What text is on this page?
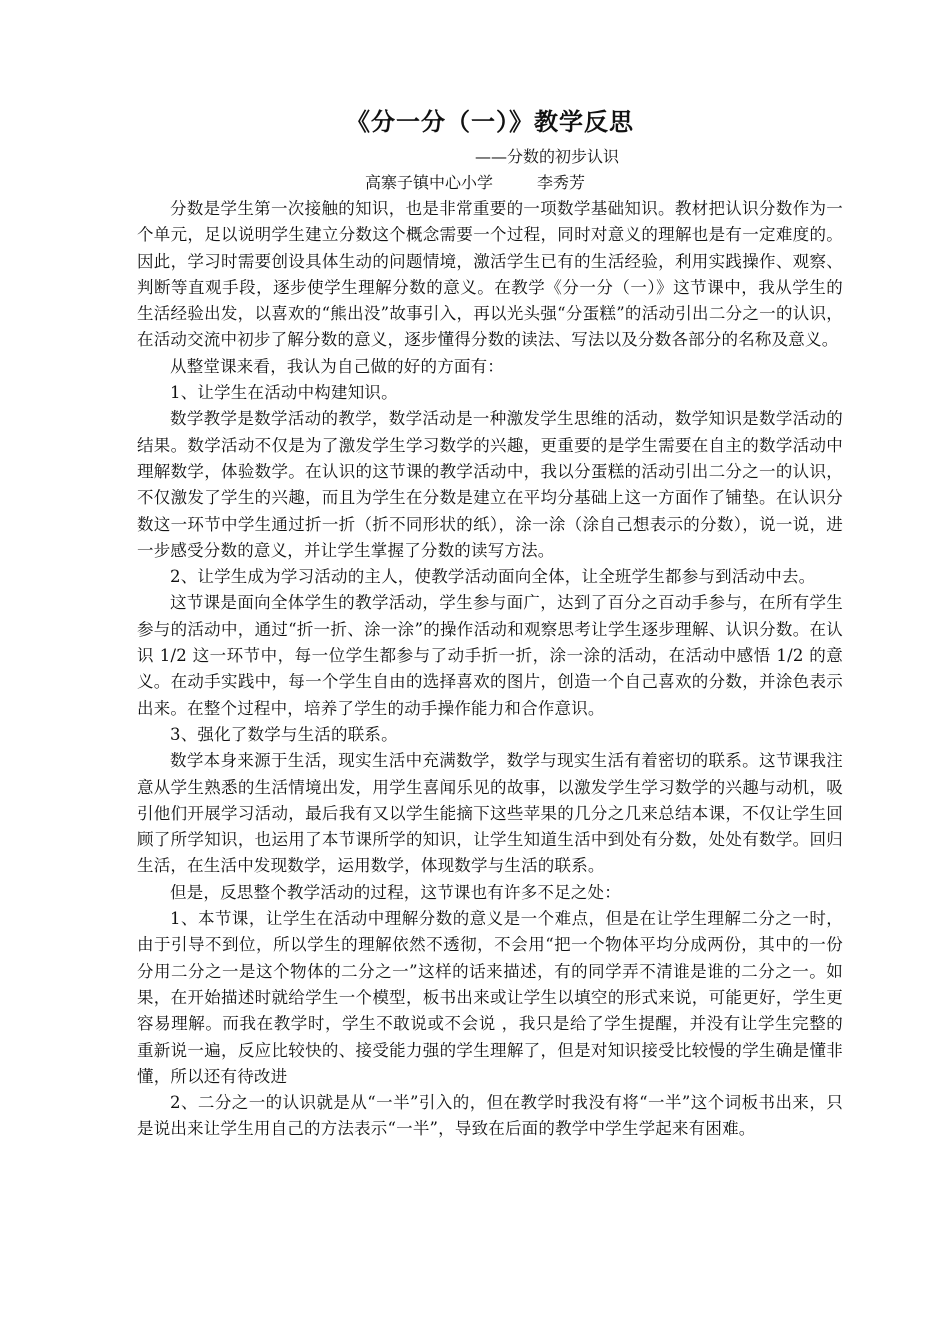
《分一分（一）》教学反思

——分数的初步认识

高寨子镇中心小学	李秀芳

分数是学生第一次接触的知识，也是非常重要的一项数学基础知识。教材把认识分数作为一个单元，足以说明学生建立分数这个概念需要一个过程，同时对意义的理解也是有一定难度的。因此，学习时需要创设具体生动的问题情境，激活学生已有的生活经验，利用实践操作、观察、判断等直观手段，逐步使学生理解分数的意义。在教学《分一分（一）》这节课中，我从学生的生活经验出发，以喜欢的“熊出没”故事引入，再以光头强“分蛋糕”的活动引出二分之一的认识，在活动交流中初步了解分数的意义，逐步懂得分数的读法、写法以及分数各部分的名称及意义。

从整堂课来看，我认为自己做的好的方面有：

1、让学生在活动中构建知识。

数学教学是数学活动的教学，数学活动是一种激发学生思维的活动，数学知识是数学活动的结果。数学活动不仅是为了激发学生学习数学的兴趣，更重要的是学生需要在自主的数学活动中理解数学，体验数学。在认识的这节课的教学活动中，我以分蛋糕的活动引出二分之一的认识，不仅激发了学生的兴趣，而且为学生在分数是建立在平均分基础上这一方面作了铺垫。在认识分数这一环节中学生通过折一折（折不同形状的纸），涂一涂（涂自己想表示的分数），说一说，进一步感受分数的意义，并让学生掌握了分数的读写方法。

2、让学生成为学习活动的主人，使教学活动面向全体，让全班学生都参与到活动中去。

这节课是面向全体学生的教学活动，学生参与面广，达到了百分之百动手参与，在所有学生参与的活动中，通过“折一折、涂一涂”的操作活动和观察思考让学生逐步理解、认识分数。在认识 1/2 这一环节中，每一位学生都参与了动手折一折，涂一涂的活动，在活动中感悟 1/2 的意义。在动手实践中，每一个学生自由的选择喜欢的图片，创造一个自己喜欢的分数，并涂色表示出来。在整个过程中，培养了学生的动手操作能力和合作意识。

3、强化了数学与生活的联系。

数学本身来源于生活，现实生活中充满数学，数学与现实生活有着密切的联系。这节课我注意从学生熟悉的生活情境出发，用学生喜闻乐见的故事，以激发学生学习数学的兴趣与动机，吸引他们开展学习活动，最后我有又以学生能摘下这些苹果的几分之几来总结本课，不仅让学生回顾了所学知识，也运用了本节课所学的知识，让学生知道生活中到处有分数，处处有数学。回归生活，在生活中发现数学，运用数学，体现数学与生活的联系。

但是，反思整个教学活动的过程，这节课也有许多不足之处：

1、本节课，让学生在活动中理解分数的意义是一个难点，但是在让学生理解二分之一时，由于引导不到位，所以学生的理解依然不透彻，不会用“把一个物体平均分成两份，其中的一份分用二分之一是这个物体的二分之一”这样的话来描述，有的同学弄不清谁是谁的二分之一。如果，在开始描述时就给学生一个模型，板书出来或让学生以填空的形式来说，可能更好，学生更容易理解。而我在教学时，学生不敢说或不会说 ，我只是给了学生提醒，并没有让学生完整的重新说一遍，反应比较快的、接受能力强的学生理解了，但是对知识接受比较慢的学生确是懂非懂，所以还有待改进

2、二分之一的认识就是从“一半”引入的，但在教学时我没有将“一半”这个词板书出来，只是说出来让学生用自己的方法表示“一半”，导致在后面的教学中学生学起来有困难。
